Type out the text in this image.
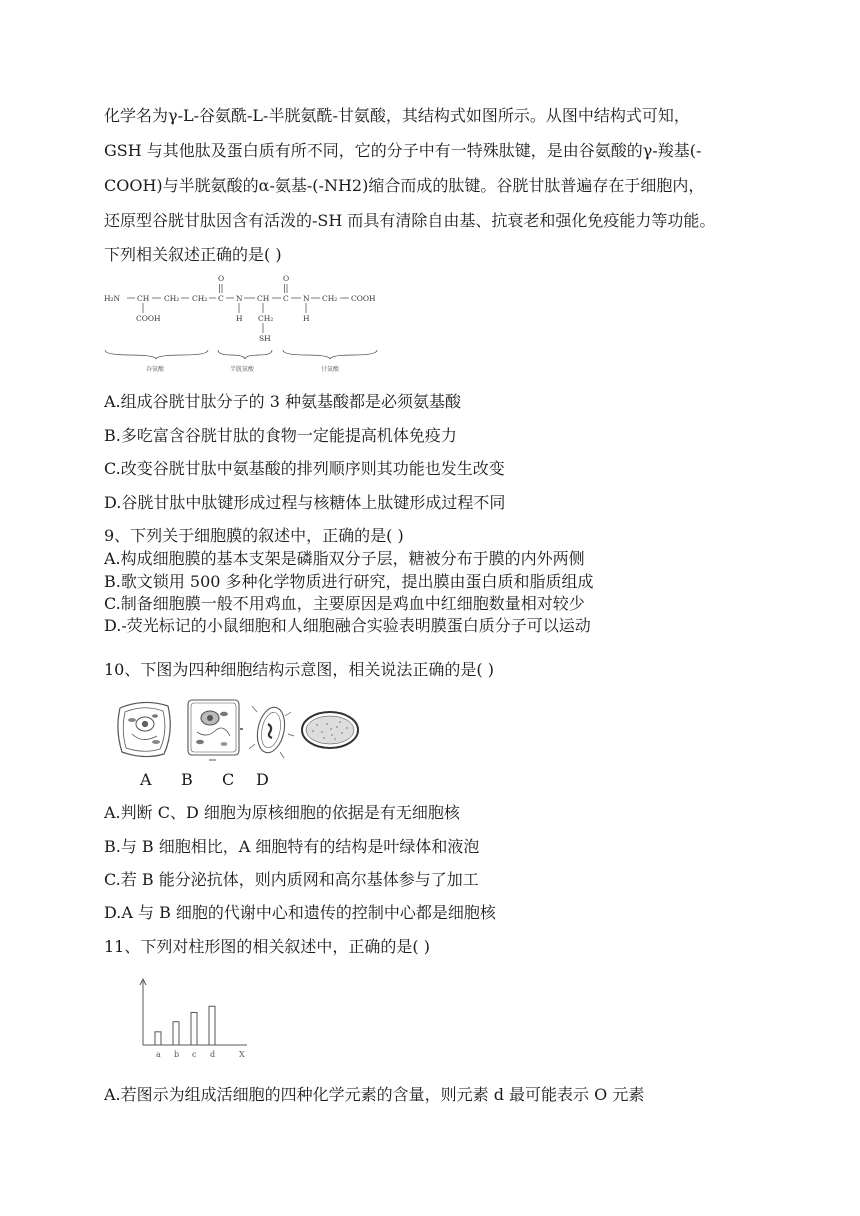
化学名为γ-L-谷氨酰-L-半胱氨酰-甘氨酸，其结构式如图所示。从图中结构式可知，
GSH 与其他肽及蛋白质有所不同，它的分子中有一特殊肽键，是由谷氨酸的γ-羧基(-
COOH)与半胱氨酸的α-氨基-(-NH2)缩合而成的肽键。谷胱甘肽普遍存在于细胞内，
还原型谷胱甘肽因含有活泼的-SH 而具有清除自由基、抗衰老和强化免疫能力等功能。
下列相关叙述正确的是( )
H₂N CH CH₂ CH₂ C N CH C N CH₂ COOH
O	O
COOH	H CH₂
SH
H
谷氨酸	半胱氨酸	甘氨酸
A.组成谷胱甘肽分子的 3 种氨基酸都是必须氨基酸
B.多吃富含谷胱甘肽的食物一定能提高机体免疫力
C.改变谷胱甘肽中氨基酸的排列顺序则其功能也发生改变
D.谷胱甘肽中肽键形成过程与核糖体上肽键形成过程不同
9、下列关于细胞膜的叙述中，正确的是( )
A.构成细胞膜的基本支架是磷脂双分子层，糖被分布于膜的内外两侧
B.歌文锁用 500 多种化学物质进行研究，提出膜由蛋白质和脂质组成
C.制备细胞膜一般不用鸡血，主要原因是鸡血中红细胞数量相对较少
D.-荧光标记的小鼠细胞和人细胞融合实验表明膜蛋白质分子可以运动
10、下图为四种细胞结构示意图，相关说法正确的是( )
A B C D
A.判断 C、D 细胞为原核细胞的依据是有无细胞核
B.与 B 细胞相比，A 细胞特有的结构是叶绿体和液泡
C.若 B 能分泌抗体，则内质网和高尔基体参与了加工
D.A 与 B 细胞的代谢中心和遗传的控制中心都是细胞核
11、下列对柱形图的相关叙述中，正确的是( )
a b c d	X
A.若图示为组成活细胞的四种化学元素的含量，则元素 d 最可能表示 O 元素
